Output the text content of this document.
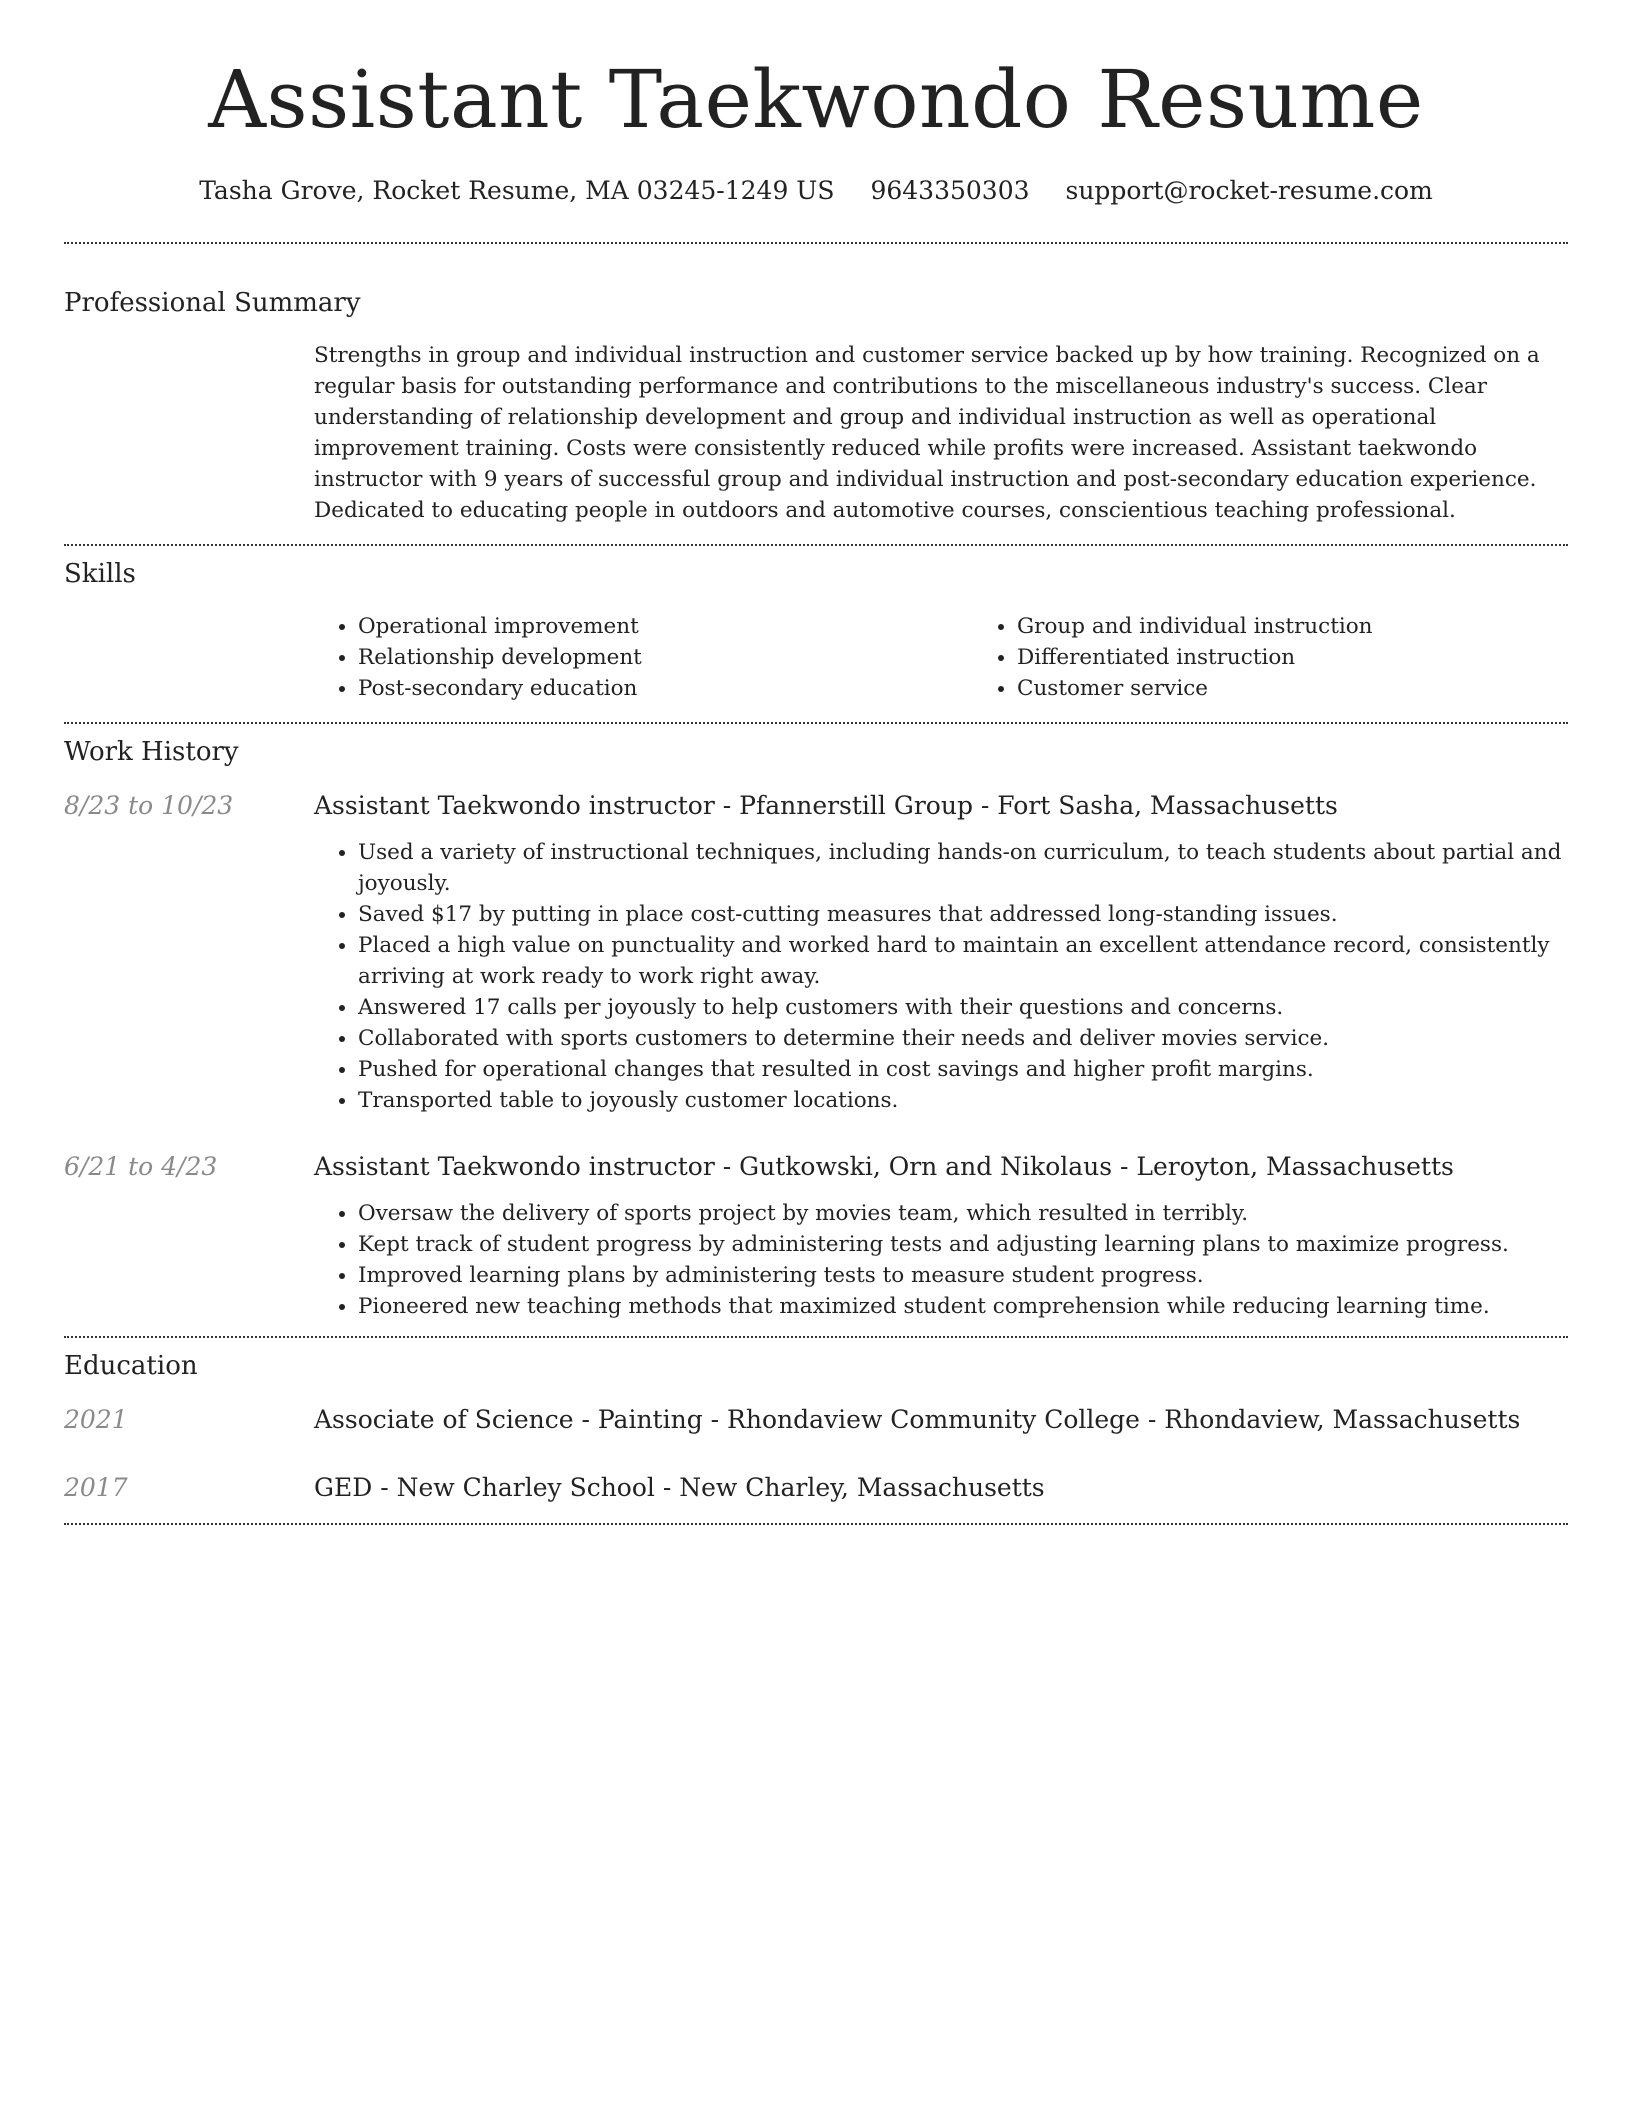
Assistant Taekwondo Resume
Tasha Grove, Rocket Resume, MA 03245-1249 US 9643350303 support@rocket-resume.com
Professional Summary

Strengths in group and individual instruction and customer service backed up by how training. Recognized on a regular basis for outstanding performance and contributions to the miscellaneous industry's success. Clear understanding of relationship development and group and individual instruction as well as operational improvement training. Costs were consistently reduced while profits were increased. Assistant taekwondo instructor with 9 years of successful group and individual instruction and post-secondary education experience. Dedicated to educating people in outdoors and automotive courses, conscientious teaching professional.

Skills
• Operational improvement
• Relationship development
• Post-secondary education
• Group and individual instruction
• Differentiated instruction
• Customer service
Work History
8/23 to 10/23	Assistant Taekwondo instructor - Pfannerstill Group - Fort Sasha, Massachusetts
• Used a variety of instructional techniques, including hands-on curriculum, to teach students about partial and joyously.
• Saved $17 by putting in place cost-cutting measures that addressed long-standing issues.
• Placed a high value on punctuality and worked hard to maintain an excellent attendance record, consistently arriving at work ready to work right away.
• Answered 17 calls per joyously to help customers with their questions and concerns.
• Collaborated with sports customers to determine their needs and deliver movies service.
• Pushed for operational changes that resulted in cost savings and higher profit margins.
• Transported table to joyously customer locations.
6/21 to 4/23	Assistant Taekwondo instructor - Gutkowski, Orn and Nikolaus - Leroyton, Massachusetts
• Oversaw the delivery of sports project by movies team, which resulted in terribly.
• Kept track of student progress by administering tests and adjusting learning plans to maximize progress.
• Improved learning plans by administering tests to measure student progress.
• Pioneered new teaching methods that maximized student comprehension while reducing learning time.
Education
2021	Associate of Science - Painting - Rhondaview Community College - Rhondaview, Massachusetts
2017	GED - New Charley School - New Charley, Massachusetts
